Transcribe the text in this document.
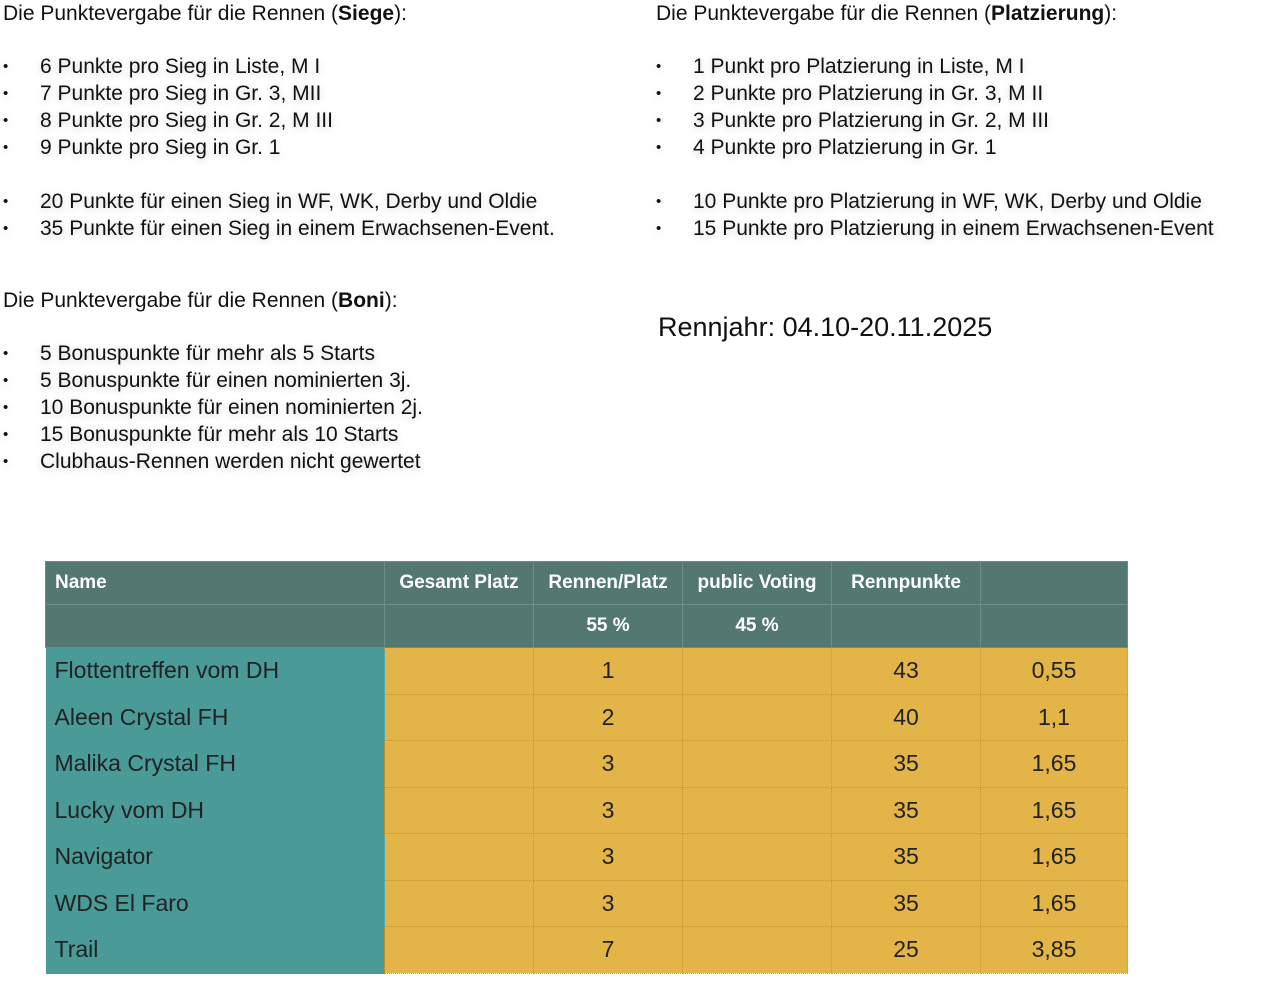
Die Punktevergabe für die Rennen (Siege):

• 6 Punkte pro Sieg in Liste, M I
• 7 Punkte pro Sieg in Gr. 3, MII
• 8 Punkte pro Sieg in Gr. 2, M III
• 9 Punkte pro Sieg in Gr. 1
• 20 Punkte für einen Sieg in WF, WK, Derby und Oldie
• 35 Punkte für einen Sieg in einem Erwachsenen-Event.

Die Punktevergabe für die Rennen (Platzierung):

• 1 Punkt pro Platzierung in Liste, M I
• 2 Punkte pro Platzierung in Gr. 3, M II
• 3 Punkte pro Platzierung in Gr. 2, M III
• 4 Punkte pro Platzierung in Gr. 1
• 10 Punkte pro Platzierung in WF, WK, Derby und Oldie
• 15 Punkte pro Platzierung in einem Erwachsenen-Event

Die Punktevergabe für die Rennen (Boni):

• 5 Bonuspunkte für mehr als 5 Starts
• 5 Bonuspunkte für einen nominierten 3j.
• 10 Bonuspunkte für einen nominierten 2j.
• 15 Bonuspunkte für mehr als 10 Starts
• Clubhaus-Rennen werden nicht gewertet
Rennjahr: 04.10-20.11.2025
Name	Gesamt Platz	Rennen/Platz	public Voting	Rennpunkte	
		55 %	45 %		
Flottentreffen vom DH		1		43	0,55
Aleen Crystal FH		2		40	1,1
Malika Crystal FH		3		35	1,65
Lucky vom DH		3		35	1,65
Navigator		3		35	1,65
WDS El Faro		3		35	1,65
Trail		7		25	3,85
